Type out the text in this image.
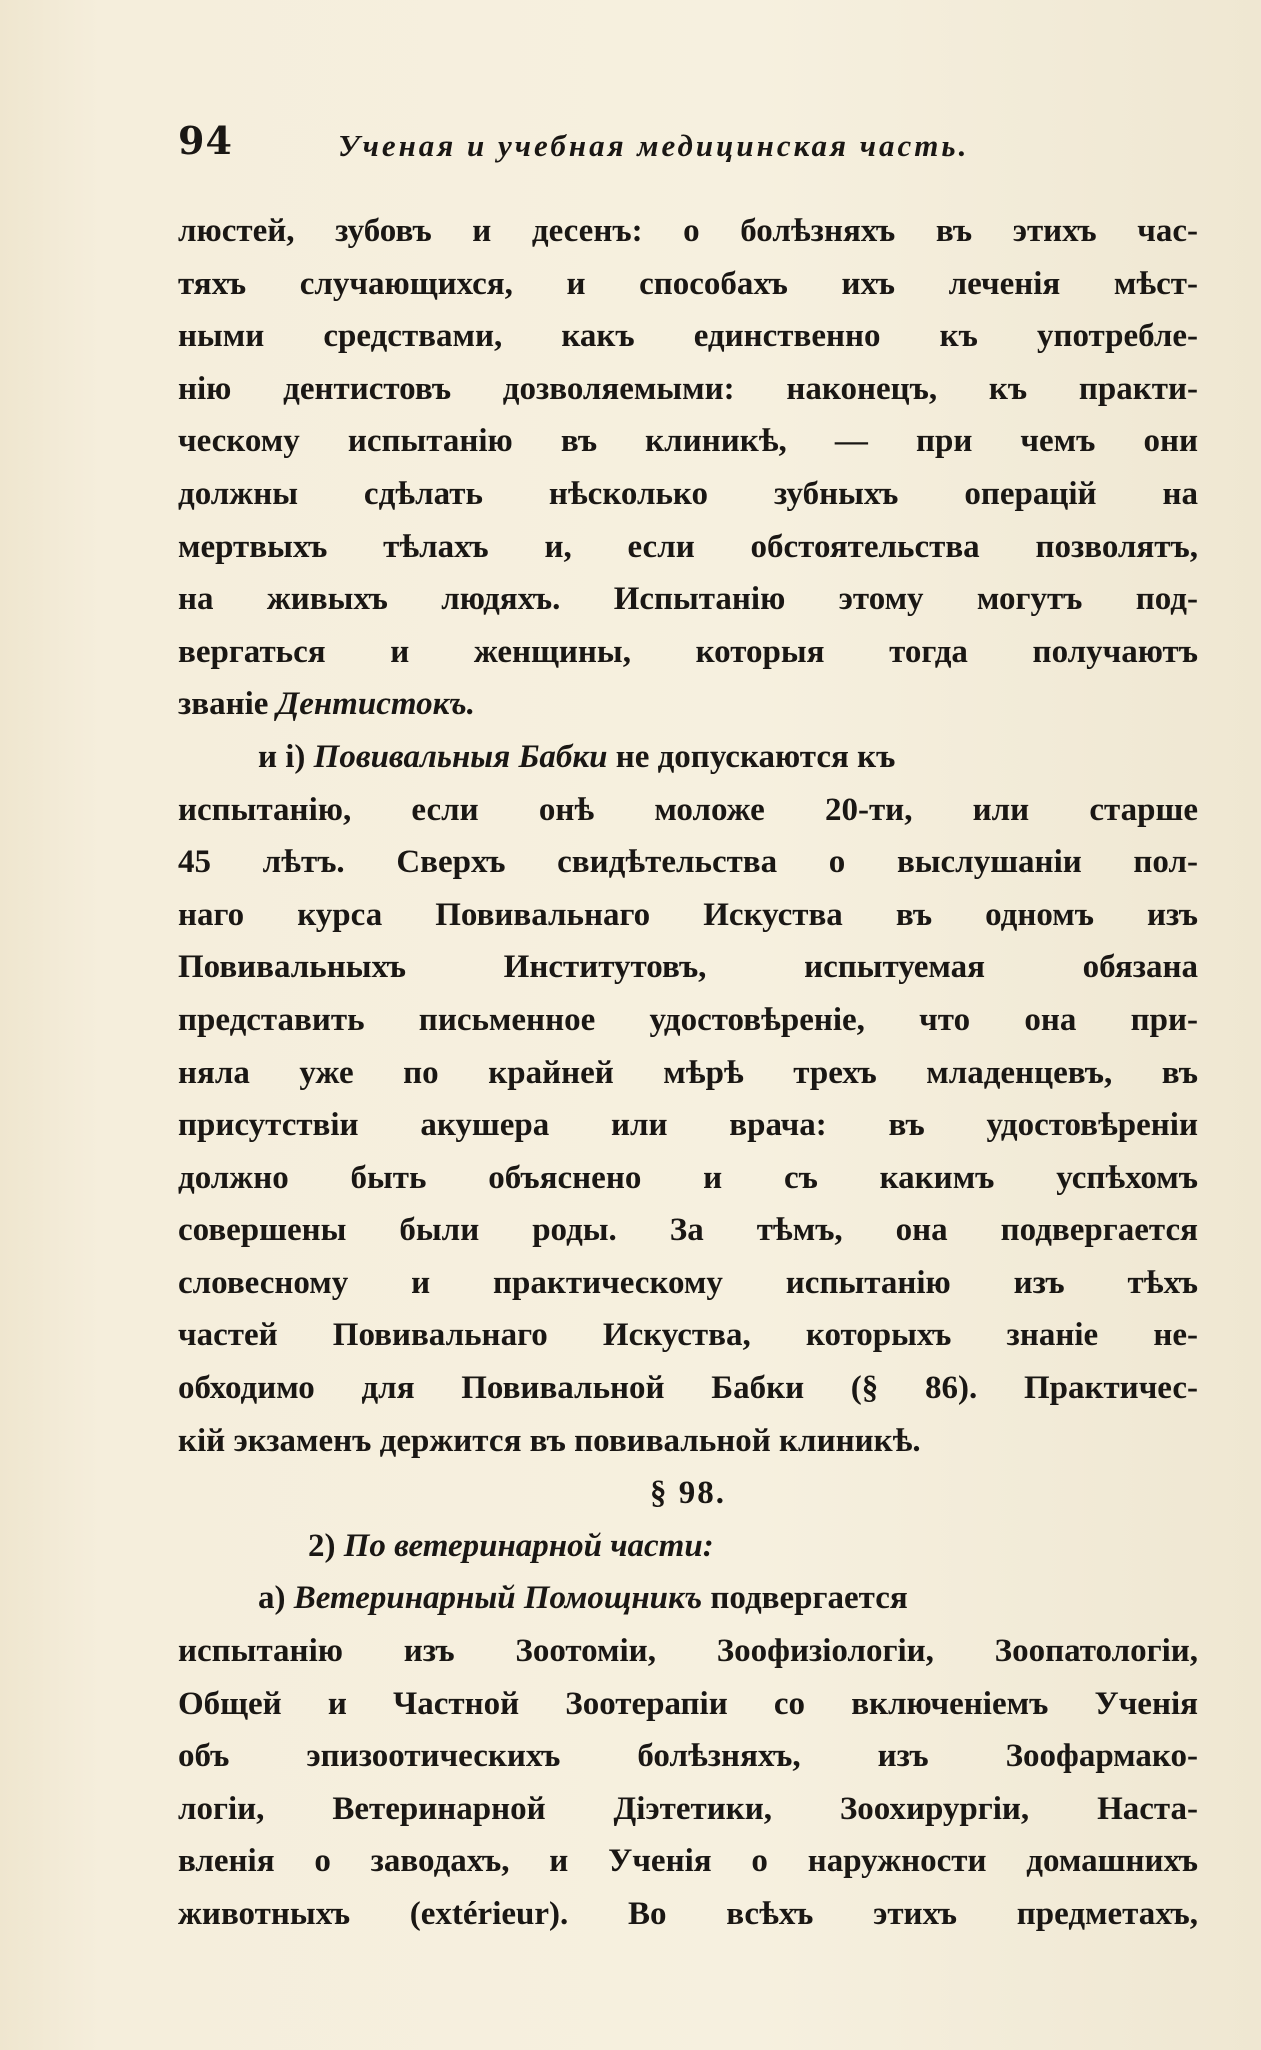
94	Ученая и учебная медицинская часть.
люстей, зубовъ и десенъ: о болѣзняхъ въ этихъ час-
тяхъ случающихся, и способахъ ихъ леченія мѣст-
ными средствами, какъ единственно къ употребле-
нію дентистовъ дозволяемыми: наконецъ, къ практи-
ческому испытанію въ клиникѣ, — при чемъ они
должны сдѣлать нѣсколько зубныхъ операцій на
мертвыхъ тѣлахъ и, если обстоятельства позволятъ,
на живыхъ людяхъ. Испытанію этому могутъ под-
вергаться и женщины, которыя тогда получаютъ
званіе Дентистокъ.
и i) Повивальныя Бабки не допускаются къ
испытанію, если онѣ моложе 20-ти, или старше
45 лѣтъ. Сверхъ свидѣтельства о выслушаніи пол-
наго курса Повивальнаго Искуства въ одномъ изъ
Повивальныхъ Институтовъ, испытуемая обязана
представить письменное удостовѣреніе, что она при-
няла уже по крайней мѣрѣ трехъ младенцевъ, въ
присутствіи акушера или врача: въ удостовѣреніи
должно быть объяснено и съ какимъ успѣхомъ
совершены были роды. За тѣмъ, она подвергается
словесному и практическому испытанію изъ тѣхъ
частей Повивальнаго Искуства, которыхъ знаніе не-
обходимо для Повивальной Бабки (§ 86). Практичес-
кій экзаменъ держится въ повивальной клиникѣ.
§ 98.
2) По ветеринарной части:
а) Ветеринарный Помощникъ подвергается
испытанію изъ Зоотоміи, Зоофизіологіи, Зоопатологіи,
Общей и Частной Зоотерапіи со включеніемъ Ученія
объ эпизоотическихъ болѣзняхъ, изъ Зоофармако-
логіи, Ветеринарной Діэтетики, Зоохирургіи, Наста-
вленія о заводахъ, и Ученія о наружности домашнихъ
животныхъ (extérieur). Во всѣхъ этихъ предметахъ,
